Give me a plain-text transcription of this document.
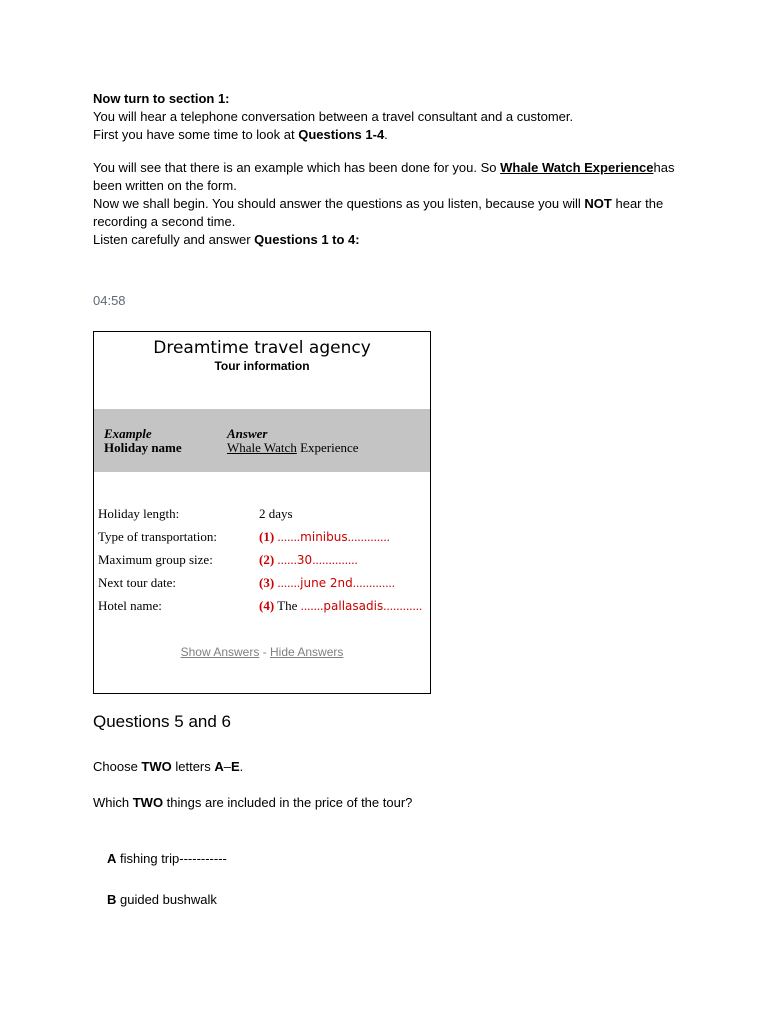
Now turn to section 1:
You will hear a telephone conversation between a travel consultant and a customer.
First you have some time to look at Questions 1-4.
You will see that there is an example which has been done for you. So Whale Watch Experiencehas been written on the form.
Now we shall begin. You should answer the questions as you listen, because you will NOT hear the recording a second time.
Listen carefully and answer Questions 1 to 4:
04:58
Dreamtime travel agency
Tour information
Example	Answer
Holiday name	Whale Watch Experience
Holiday length:	2 days
Type of transportation:	(1) .......minibus.............
Maximum group size:	(2) ......30..............
Next tour date:	(3) .......june 2nd.............
Hotel name:	(4) The .......pallasadis............
Show Answers - Hide Answers
Questions 5 and 6
Choose TWO letters A–E.
Which TWO things are included in the price of the tour?
A fishing trip-----------
B guided bushwalk
